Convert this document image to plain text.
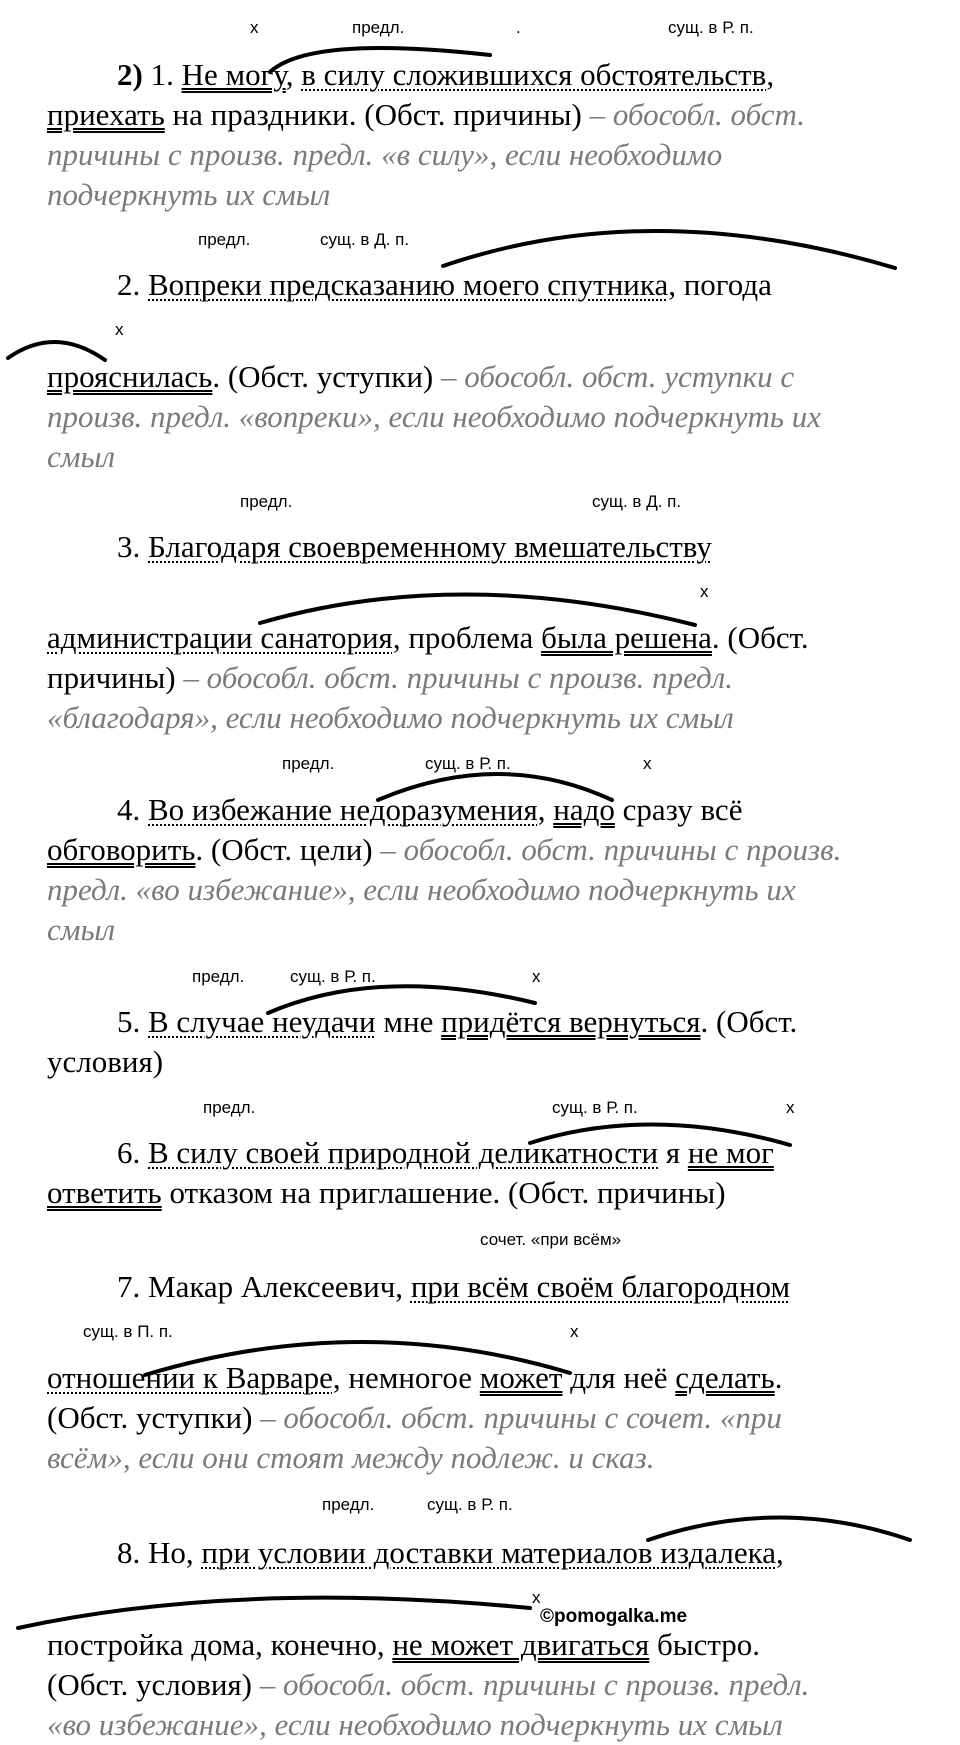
х	предл.	.	сущ. в Р. п.
2) 1. Не могу, в силу сложившихся обстоятельств,
приехать на праздники. (Обст. причины) – обособл. обст.
причины с произв. предл. «в силу», если необходимо
подчеркнуть их смыл
предл.	сущ. в Д. п.
2. Вопреки предсказанию моего спутника, погода
х
прояснилась. (Обст. уступки) – обособл. обст. уступки с
произв. предл. «вопреки», если необходимо подчеркнуть их
смыл
предл.	сущ. в Д. п.
3. Благодаря своевременному вмешательству
х
администрации санатория, проблема была решена. (Обст.
причины) – обособл. обст. причины с произв. предл.
«благодаря», если необходимо подчеркнуть их смыл
предл.	сущ. в Р. п.	х
4. Во избежание недоразумения, надо сразу всё
обговорить. (Обст. цели) – обособл. обст. причины с произв.
предл. «во избежание», если необходимо подчеркнуть их
смыл
предл.	сущ. в Р. п.	х
5. В случае неудачи мне придётся вернуться. (Обст.
условия)
предл.	сущ. в Р. п.	х
6. В силу своей природной деликатности я не мог
ответить отказом на приглашение. (Обст. причины)
сочет. «при всём»
7. Макар Алексеевич, при всём своём благородном
сущ. в П. п.	х
отношении к Варваре, немногое может для неё сделать.
(Обст. уступки) – обособл. обст. причины с сочет. «при
всём», если они стоят между подлеж. и сказ.
предл.	сущ. в Р. п.
8. Но, при условии доставки материалов издалека,
х
©pomogalka.me
постройка дома, конечно, не может двигаться быстро.
(Обст. условия) – обособл. обст. причины с произв. предл.
«во избежание», если необходимо подчеркнуть их смыл
